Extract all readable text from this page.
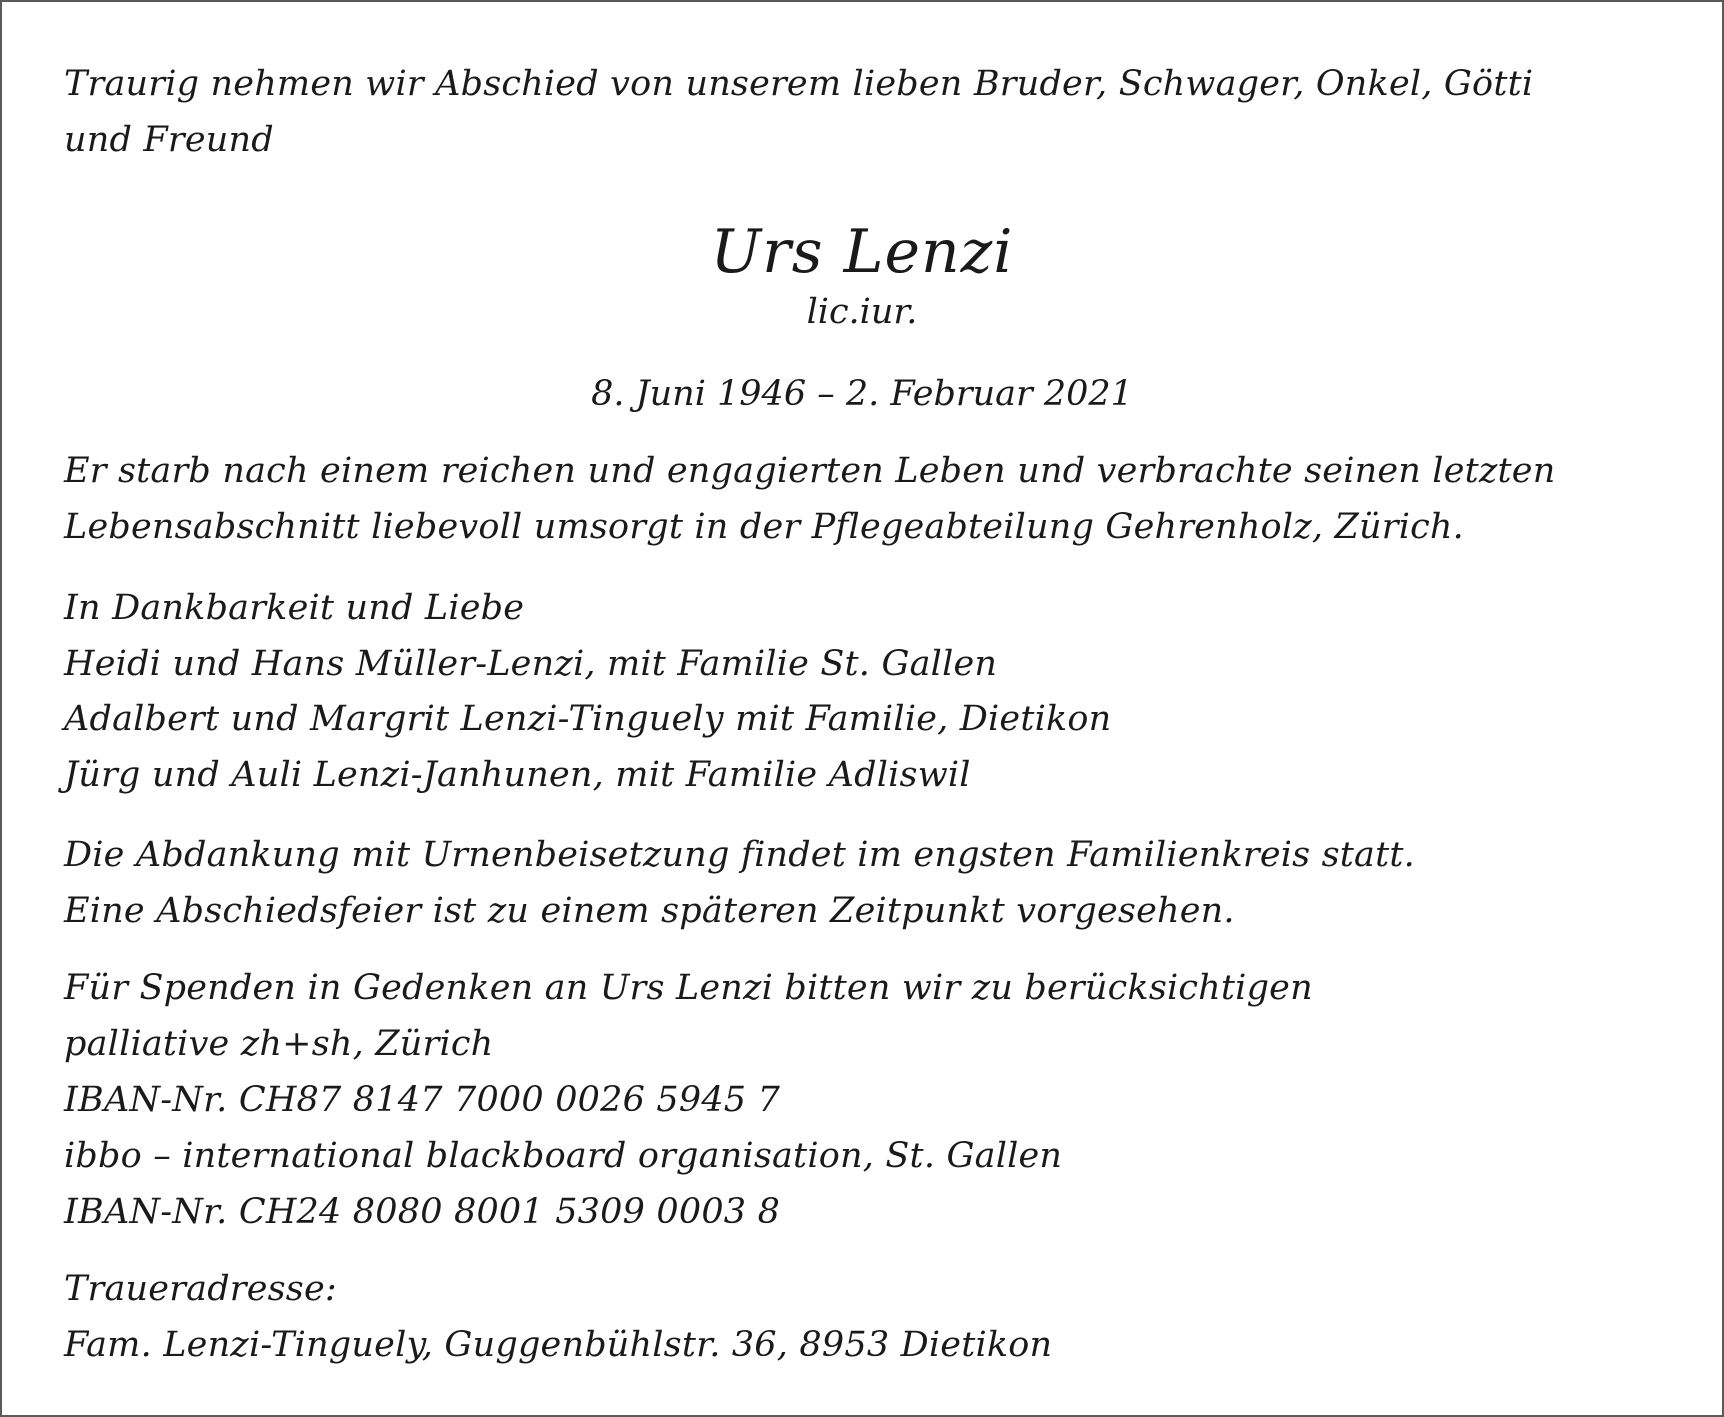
Traurig nehmen wir Abschied von unserem lieben Bruder, Schwager, Onkel, Götti
und Freund
Urs Lenzi
lic.iur.
8. Juni 1946 – 2. Februar 2021
Er starb nach einem reichen und engagierten Leben und verbrachte seinen letzten
Lebensabschnitt liebevoll umsorgt in der Pflegeabteilung Gehrenholz, Zürich.
In Dankbarkeit und Liebe
Heidi und Hans Müller-Lenzi, mit Familie St. Gallen
Adalbert und Margrit Lenzi-Tinguely mit Familie, Dietikon
Jürg und Auli Lenzi-Janhunen, mit Familie Adliswil
Die Abdankung mit Urnenbeisetzung findet im engsten Familienkreis statt.
Eine Abschiedsfeier ist zu einem späteren Zeitpunkt vorgesehen.
Für Spenden in Gedenken an Urs Lenzi bitten wir zu berücksichtigen
palliative zh+sh, Zürich
IBAN-Nr. CH87 8147 7000 0026 5945 7
ibbo – international blackboard organisation, St. Gallen
IBAN-Nr. CH24 8080 8001 5309 0003 8
Traueradresse:
Fam. Lenzi-Tinguely, Guggenbühlstr. 36, 8953 Dietikon
